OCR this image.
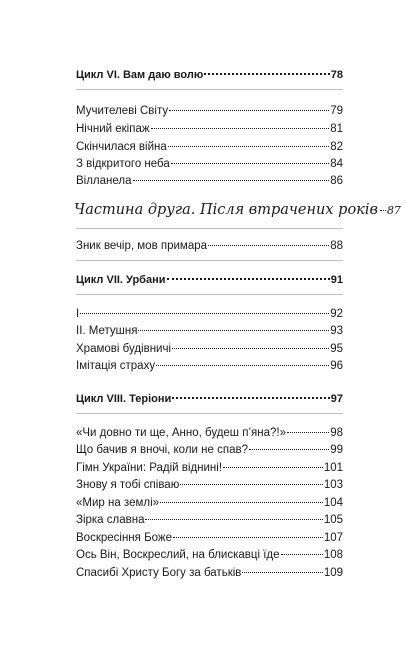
Цикл VI. Вам даю волю	78
Мучителеві Світу	79
Нічний екіпаж	81
Скінчилася війна	82
З відкритого неба	84
Вілланела	86
Частина друга. Після втрачених років 87
Зник вечір, мов примара	88
Цикл VII. Урбани	91
І	92
ІІ. Метушня	93
Храмові будівничі	95
Імітація страху	96
Цикл VIII. Теріони	97
«Чи довно ти ще, Анно, будеш п’яна?!»	98
Що бачив я вночі, коли не спав?	99
Гімн України: Радій віднині!	101
Знову я тобі співаю	103
«Мир на землі»	104
Зірка славна	105
Воскресіння Боже	107
Ось Він, Воскреслий, на блискавці їде	108
Спасибі Христу Богу за батьків	109
